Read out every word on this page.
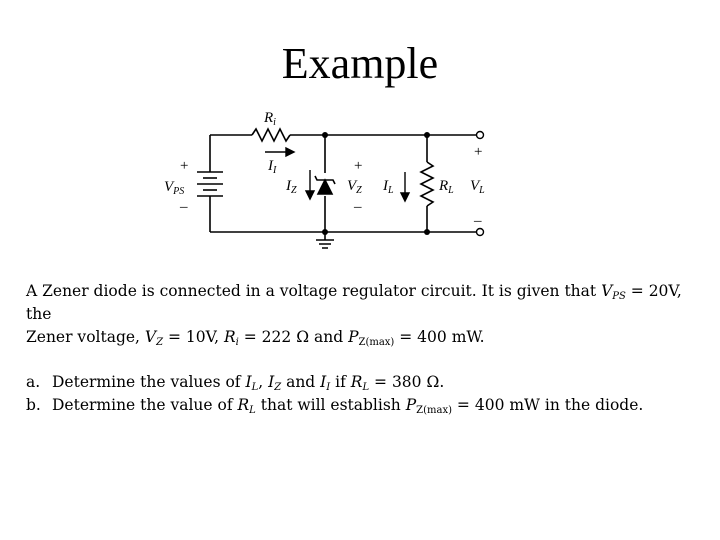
Example
$R_i$
$I_I$
$V_{PS}$	$I_Z$	$V_Z$ $I_L$	$R_L$ $V_L$
+
–
+
–
+
–

A Zener diode is connected in a voltage regulator circuit. It is given that $V_{PS} = 20V$, the
Zener voltage, $V_Z = 10V$, $R_i = 222$ Ω and $P_{Z(max)} = 400$ mW.

a. Determine the values of $I_L$, $I_Z$ and $I_I$ if $R_L = 380$ Ω.
b. Determine the value of $R_L$ that will establish $P_{Z(max)} = 400$ mW in the diode.
